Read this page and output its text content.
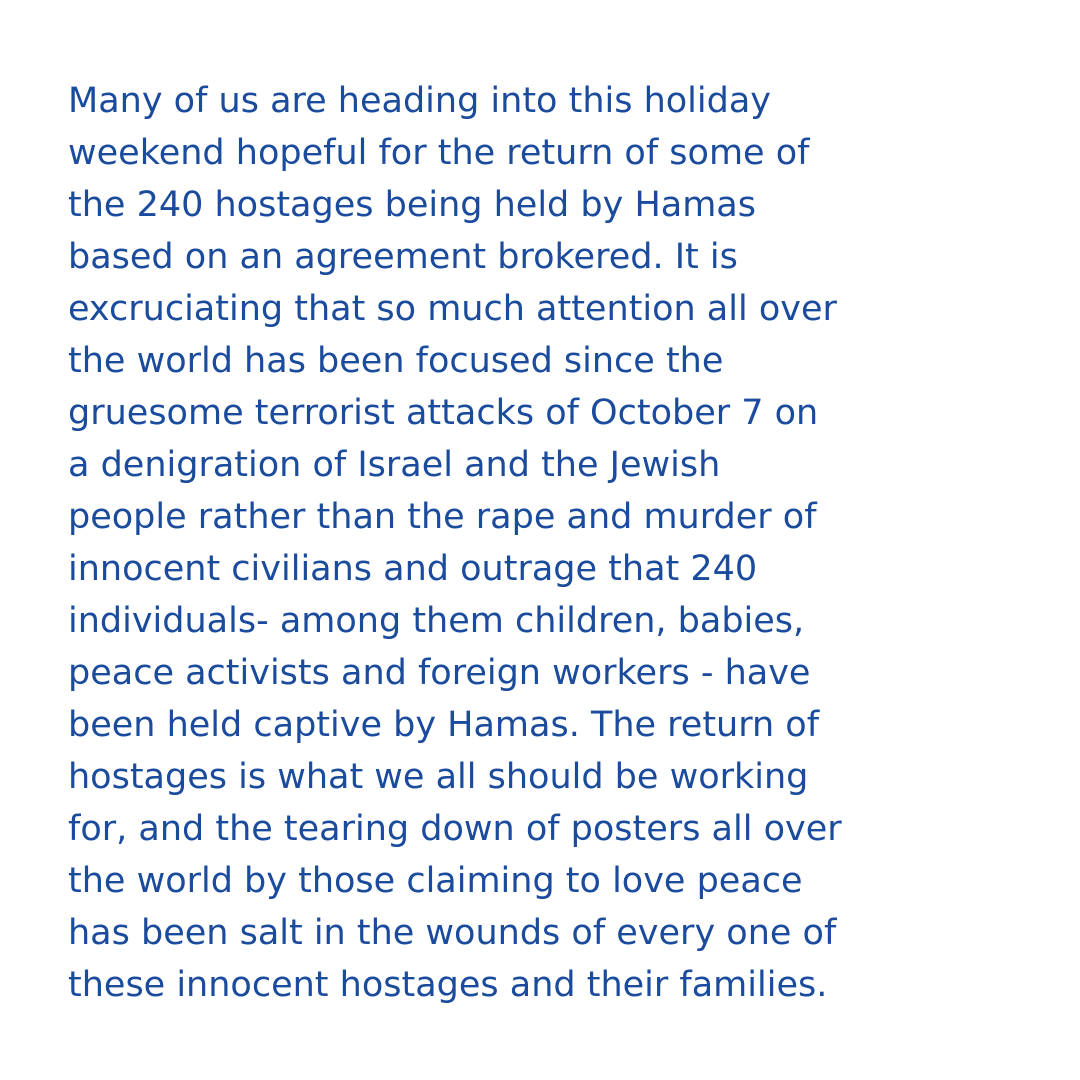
Many of us are heading into this holiday
weekend hopeful for the return of some of
the 240 hostages being held by Hamas
based on an agreement brokered. It is
excruciating that so much attention all over
the world has been focused since the
gruesome terrorist attacks of October 7 on
a denigration of Israel and the Jewish
people rather than the rape and murder of
innocent civilians and outrage that 240
individuals- among them children, babies,
peace activists and foreign workers - have
been held captive by Hamas. The return of
hostages is what we all should be working
for, and the tearing down of posters all over
the world by those claiming to love peace
has been salt in the wounds of every one of
these innocent hostages and their families.
